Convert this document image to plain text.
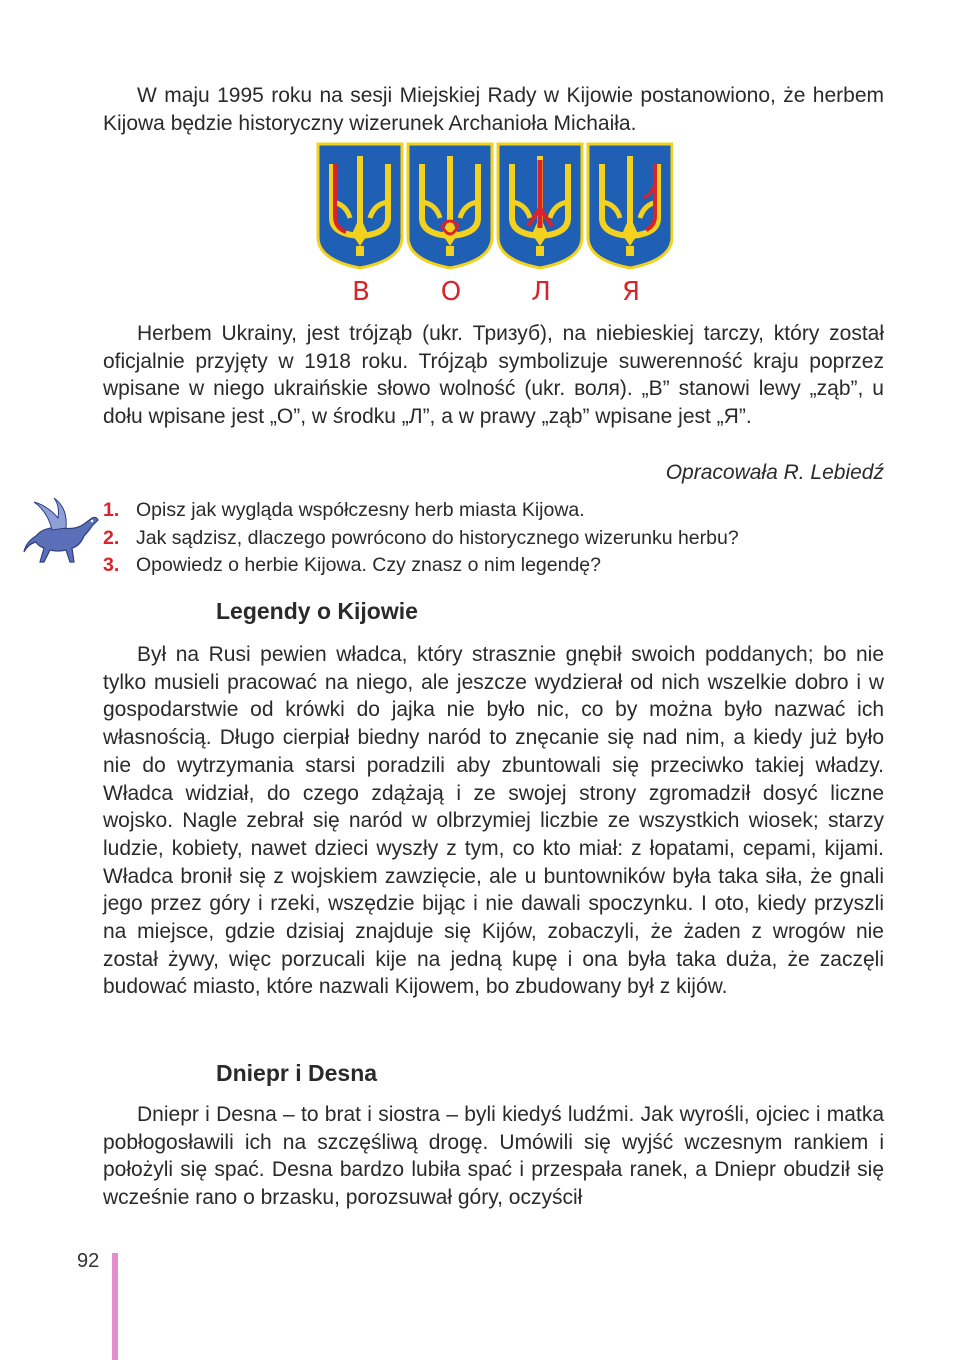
W maju 1995 roku na sesji Miejskiej Rady w Kijowie postanowiono, że herbem Kijowa będzie historyczny wizerunek Archanioła Michaiła.

В	О	Л	Я

Herbem Ukrainy, jest trójząb (ukr. Тризуб), na niebieskiej tarczy, który został oficjalnie przyjęty w 1918 roku. Trójząb symbolizuje suwerenność kraju poprzez wpisane w niego ukraińskie słowo wolność (ukr. воля). „В” stanowi lewy „ząb”, u dołu wpisane jest „О”, w środku „Л”, a w prawy „ząb” wpisane jest „Я”.

Opracowała R. Lebiedź

1. Opisz jak wygląda współczesny herb miasta Kijowa.
2. Jak sądzisz, dlaczego powrócono do historycznego wizerunku herbu?
3. Opowiedz o herbie Kijowa. Czy znasz o nim legendę?
Legendy o Kijowie

Był na Rusi pewien władca, który strasznie gnębił swoich poddanych; bo nie tylko musieli pracować na niego, ale jeszcze wydzierał od nich wszelkie dobro i w gospodarstwie od krówki do jajka nie było nic, co by można było nazwać ich własnością. Długo cierpiał biedny naród to znęcanie się nad nim, a kiedy już było nie do wytrzymania starsi poradzili aby zbuntowali się przeciwko takiej władzy. Władca widział, do czego zdążają i ze swojej strony zgromadził dosyć liczne wojsko. Nagle zebrał się naród w olbrzymiej liczbie ze wszystkich wiosek; starzy ludzie, kobiety, nawet dzieci wyszły z tym, co kto miał: z łopatami, cepami, kijami. Władca bronił się z wojskiem zawzięcie, ale u buntowników była taka siła, że gnali jego przez góry i rzeki, wszędzie bijąc i nie dawali spoczynku. I oto, kiedy przyszli na miejsce, gdzie dzisiaj znajduje się Kijów, zobaczyli, że żaden z wrogów nie został żywy, więc porzucali kije na jedną kupę i ona była taka duża, że zaczęli budować miasto, które nazwali Kijowem, bo zbudowany był z kijów.

Dniepr i Desna

Dniepr i Desna – to brat i siostra – byli kiedyś ludźmi. Jak wyrośli, ojciec i matka pobłogosławili ich na szczęśliwą drogę. Umówili się wyjść wczesnym rankiem i położyli się spać. Desna bardzo lubiła spać i przespała ranek, a Dniepr obudził się wcześnie rano o brzasku, porozsuwał góry, oczyścił

92
